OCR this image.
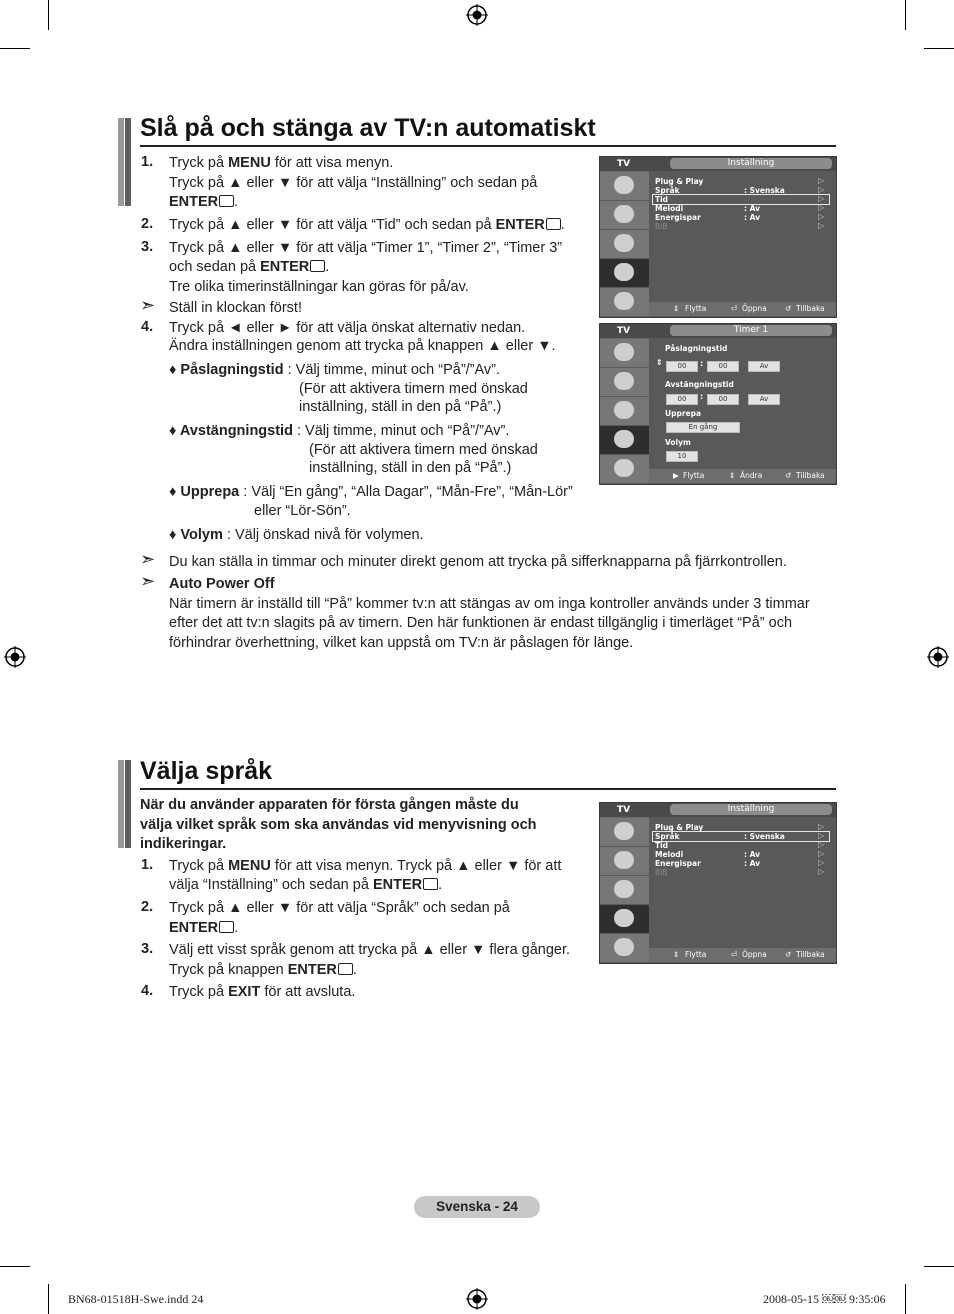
Slå på och stänga av TV:n automatiskt
1. Tryck på MENU för att visa menyn.
Tryck på ▲ eller ▼ för att välja “Inställning” och sedan på
ENTER .
2. Tryck på ▲ eller ▼ för att välja “Tid” och sedan på ENTER .
3. Tryck på ▲ eller ▼ för att välja “Timer 1”, “Timer 2”, “Timer 3”
och sedan på ENTER .
Tre olika timerinställningar kan göras för på/av.
➣ Ställ in klockan först!
4. Tryck på ◄ eller ► för att välja önskat alternativ nedan.
Ändra inställningen genom att trycka på knappen ▲ eller ▼.
♦ Påslagningstid : Välj timme, minut och “På”/”Av”.
(För att aktivera timern med önskad
inställning, ställ in den på “På”.)
♦ Avstängningstid : Välj timme, minut och “På”/”Av”.
(För att aktivera timern med önskad
inställning, ställ in den på “På”.)
♦ Upprepa : Välj “En gång”, “Alla Dagar”, “Mån-Fre”, “Mån-Lör”
eller “Lör-Sön”.
♦ Volym : Välj önskad nivå för volymen.
➣ Du kan ställa in timmar och minuter direkt genom att trycka på sifferknapparna på fjärrkontrollen.
➣ Auto Power Off
När timern är inställd till “På” kommer tv:n att stängas av om inga kontroller används under 3 timmar
efter det att tv:n slagits på av timern. Den här funktionen är endast tillgänglig i timerläget “På” och
förhindrar överhettning, vilket kan uppstå om TV:n är påslagen för länge.
TV	Inställning
Plug & Play	▷
Språk	: Svenska	▷
Tid	▷
Melodi	: Av	▷
Energispar	: Av	▷
BIB	▷
⇕ Flytta	⏎ Öppna ↺ Tillbaka
TV	Timer 1
Påslagningstid
⇕	00	:	00	Av
Avstängningstid
00	:	00	Av
Upprepa
En gång
Volym
10
▶ Flytta	⇕ Ändra	↺ Tillbaka
Välja språk
När du använder apparaten för första gången måste du
välja vilket språk som ska användas vid menyvisning och
indikeringar.
1. Tryck på MENU för att visa menyn. Tryck på ▲ eller ▼ för att
välja “Inställning” och sedan på ENTER .
2. Tryck på ▲ eller ▼ för att välja “Språk” och sedan på
ENTER .
3. Välj ett visst språk genom att trycka på ▲ eller ▼ flera gånger.
Tryck på knappen ENTER .
4. Tryck på EXIT för att avsluta.
TV	Inställning
Plug & Play	▷
Språk	: Svenska	▷
Tid	▷
Melodi	: Av	▷
Energispar	: Av	▷
BIB	▷
⇕ Flytta	⏎ Öppna ↺ Tillbaka
Svenska - 24
BN68-01518H-Swe.indd 24	2008-05-15 ￼￼ 9:35:06
